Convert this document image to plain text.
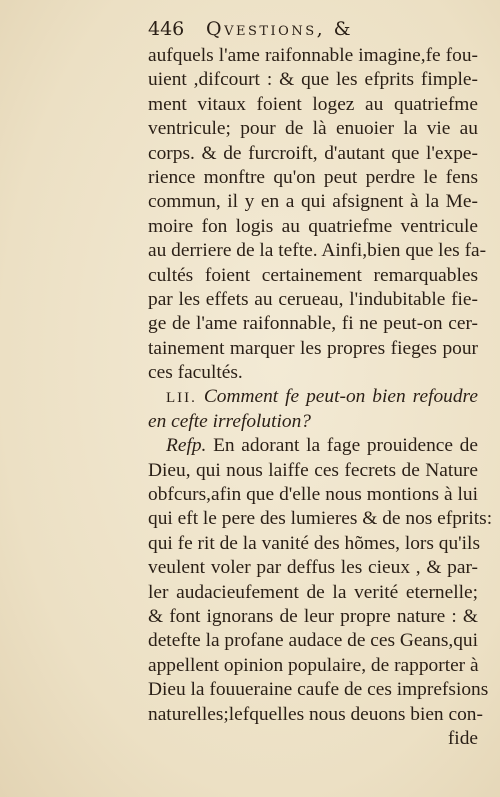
446 Qvestions, &
aufquels l'ame raifonnable imagine,fe fou-
uient ,difcourt : & que les efprits fimple-
ment vitaux foient logez au quatriefme
ventricule; pour de là enuoier la vie au
corps. & de furcroift, d'autant que l'expe-
rience monftre qu'on peut perdre le fens
commun, il y en a qui afsignent à la Me-
moire fon logis au quatriefme ventricule
au derriere de la tefte. Ainfi,bien que les fa-
cultés foient certainement remarquables
par les effets au cerueau, l'indubitable fie-
ge de l'ame raifonnable, fi ne peut-on cer-
tainement marquer les propres fieges pour
ces facultés.
LII. Comment fe peut-on bien refoudre
en cefte irrefolution?
Refp. En adorant la fage prouidence de
Dieu, qui nous laiffe ces fecrets de Nature
obfcurs,afin que d'elle nous montions à lui
qui eft le pere des lumieres & de nos efprits:
qui fe rit de la vanité des hõmes, lors qu'ils
veulent voler par deffus les cieux , & par-
ler audacieufement de la verité eternelle;
& font ignorans de leur propre nature : &
detefte la profane audace de ces Geans,qui
appellent opinion populaire, de rapporter à
Dieu la fouueraine caufe de ces imprefsions
naturelles;lefquelles nous deuons bien con-
fide
